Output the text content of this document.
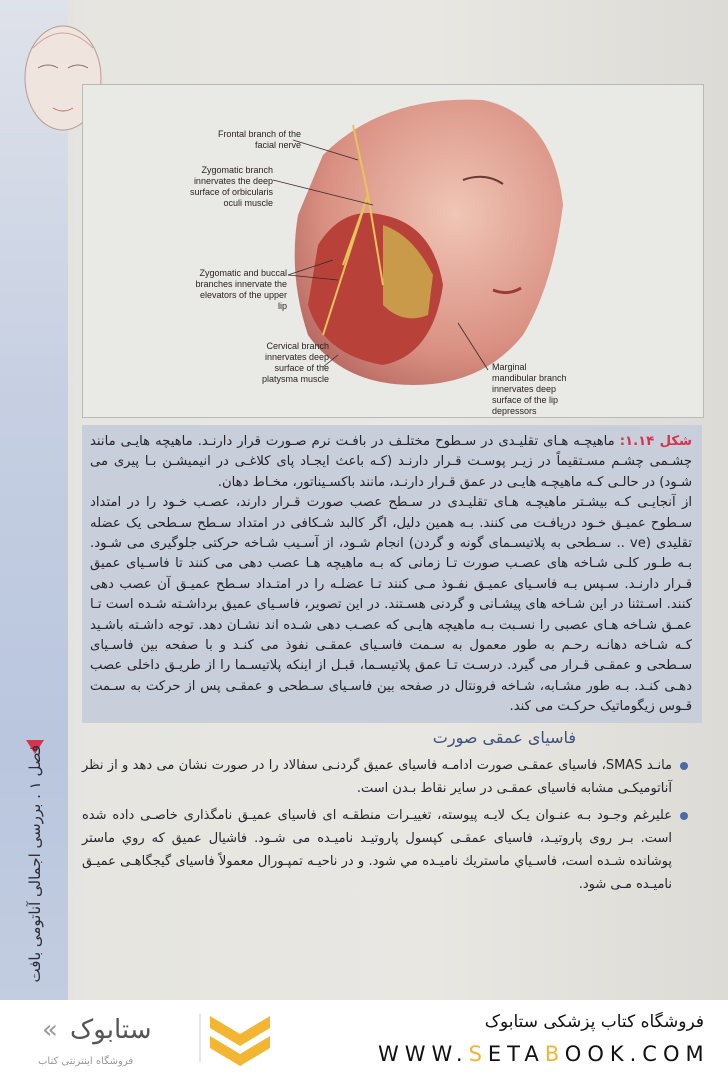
فصل ۱ . بررسی اجمالی آناتومی بافت
Frontal branch of the facial nerve
Zygomatic branch innervates the deep surface of orbicularis oculi muscle
Zygomatic and buccal branches innervate the elevators of the upper lip
Cervical branch innervates deep surface of the platysma muscle
Marginal mandibular branch innervates deep surface of the lip depressors

شکل ۱.۱۴: ماهیچـه هـای تقلیـدی در سـطوح مختلـف در بافـت نرم صـورت قرار دارنـد. ماهیچه هایـی مانند چشـمی چشـم مسـتقیماً در زیـر پوسـت قـرار دارنـد (کـه باعث ایجـاد پای کلاغـی در انیمیشـن بـا پیری می شـود) در حالـی کـه ماهیچـه هایـی در عمق قـرار دارنـد، مانند باکسـیناتور، مخـاط دهان.

از آنجایـی کـه بیشـتر ماهیچـه هـای تقلیـدی در سـطح عصب صورت قـرار دارند، عصـب خـود را در امتداد سـطوح عمیـق خـود دریافـت می کنند. بـه همین دلیل، اگر کالبد شـکافی در امتداد سـطح سـطحی یک عضله تقلیدی (ve .. سـطحی به پلاتیسـمای گونه و گردن) انجام شـود، از آسـیب شـاخه حرکتی جلوگیری می شـود. بـه طـور کلـی شـاخه های عصـب صورت تـا زمانی که بـه ماهیچه هـا عصب دهی می کنند تا فاسـیای عمیق قـرار دارنـد. سـپس بـه فاسـیای عمیـق نفـوذ مـی کنند تـا عضلـه را در امتـداد سـطح عمیـق آن عصب دهی کنند. اسـتثنا در این شـاخه های پیشـانی و گردنی هسـتند. در این تصویر، فاسـیای عمیق برداشـته شـده است تـا عمـق شـاخه هـای عصبی را نسـبت بـه ماهیچه هایـی که عصـب دهی شـده اند نشـان دهد. توجه داشـته باشـید کـه شـاخه دهانـه رحـم به طور معمول به سـمت فاسـیای عمقـی نفوذ می کنـد و با صفحه بین فاسـیای سـطحی و عمقـی قـرار می گیرد. درسـت تـا عمق پلاتیسـما، قبـل از اینکه پلاتیسـما را از طریـق داخلی عصب دهـی کنـد. بـه طور مشـابه، شـاخه فرونتال در صفحه بین فاسـیای سـطحی و عمقـی پس از حرکت به سـمت قـوس زیگوماتیک حرکـت می کند.

فاسیای عمقی صورت
مانـد SMAS، فاسیای عمقـی صورت ادامـه فاسیای عمیق گردنـی سفالاد را در صورت نشان می دهد و از نظر آناتومیکـی مشابه فاسیای عمقـی در سایر نقاط بـدن است.
علیرغم وجـود بـه عنـوان یـک لایـه پیوسته، تغییـرات منطقـه ای فاسیای عمیـق نامگذاری خاصـی داده شده است. بـر روی پاروتیـد، فاسیای عمقـی کپسول پاروتیـد نامیـده می شـود. فاشیال عمیق که روي ماستر پوشانده شـده است، فاسـياي ماستريك ناميـده مي شود. و در ناحيـه تمپـورال معمولاً فاسیای گیجگاهـی عمیـق نامیـده مـی شود.
ستابوک
«
فروشگاه اینترنتی کتاب
فروشگاه کتاب پزشکی ستابوک
WWW.SETABOOK.COM
